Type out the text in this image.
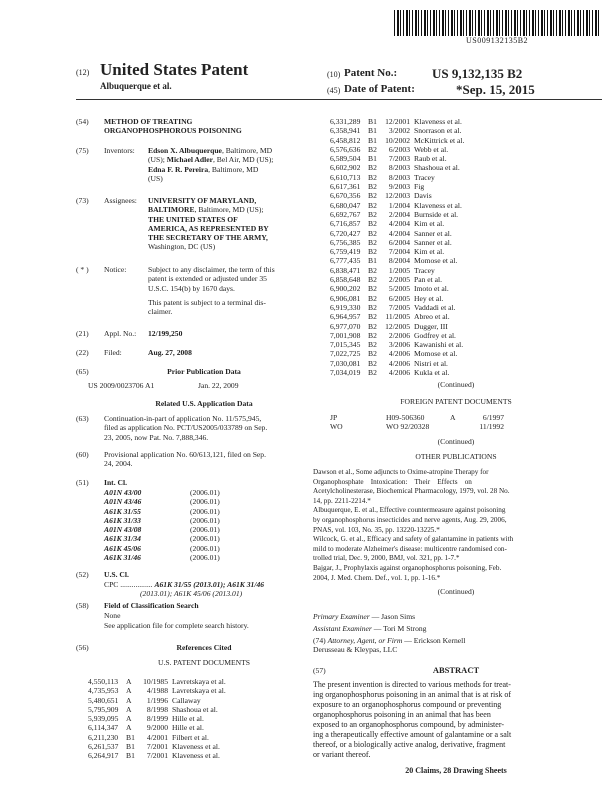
US009132135B2
(12) United States Patent
Albuquerque et al.
(10) Patent No.:	US 9,132,135 B2
(45) Date of Patent:	*Sep. 15, 2015
(54)	METHOD OF TREATING
ORGANOPHOSPHOROUS POISONING
(75)	Inventors: Edson X. Albuquerque, Baltimore, MD
(US); Michael Adler, Bel Air, MD (US);
Edna F. R. Pereira, Baltimore, MD
(US)
(73)	Assignees: UNIVERSITY OF MARYLAND,
BALTIMORE, Baltimore, MD (US);
THE UNITED STATES OF
AMERICA, AS REPRESENTED BY
THE SECRETARY OF THE ARMY,
Washington, DC (US)
( * )	Notice:	Subject to any disclaimer, the term of this
patent is extended or adjusted under 35
U.S.C. 154(b) by 1670 days.
This patent is subject to a terminal dis-
claimer.
(21)	Appl. No.: 12/199,250
(22)	Filed:	Aug. 27, 2008
(65)	Prior Publication Data
US 2009/0023706 A1	Jan. 22, 2009
Related U.S. Application Data
(63)	Continuation-in-part of application No. 11/575,945,
filed as application No. PCT/US2005/033789 on Sep.
23, 2005, now Pat. No. 7,888,346.
(60)	Provisional application No. 60/613,121, filed on Sep.
24, 2004.
(51)	Int. Cl.
A01N 43/00	(2006.01)
A01N 43/46	(2006.01)
A61K 31/55	(2006.01)
A61K 31/33	(2006.01)
A01N 43/08	(2006.01)
A61K 31/34	(2006.01)
A61K 45/06	(2006.01)
A61K 31/46	(2006.01)
(52)	U.S. Cl.
CPC ................. A61K 31/55 (2013.01); A61K 31/46
(2013.01); A61K 45/06 (2013.01)
(58)	Field of Classification Search
None
See application file for complete search history.
(56)	References Cited
U.S. PATENT DOCUMENTS
4,550,113	A	10/1985 Lavretskaya et al.
4,735,953	A	4/1988 Lavretskaya et al.
5,480,651	A	1/1996 Callaway
5,795,909	A	8/1998 Shashoua et al.
5,939,095	A	8/1999 Hille et al.
6,114,347	A	9/2000 Hille et al.
6,211,230	B1	4/2001 Filbert et al.
6,261,537	B1	7/2001 Klaveness et al.
6,264,917	B1	7/2001 Klaveness et al.
6,331,289	B1	12/2001 Klaveness et al.
6,358,941	B1	3/2002 Snorrason et al.
6,458,812	B1	10/2002 McKittrick et al.
6,576,636	B2	6/2003 Webb et al.
6,589,504	B1	7/2003 Raub et al.
6,602,902	B2	8/2003 Shashoua et al.
6,610,713	B2	8/2003 Tracey
6,617,361	B2	9/2003 Fig
6,670,356	B2	12/2003 Davis
6,680,047	B2	1/2004 Klaveness et al.
6,692,767	B2	2/2004 Burnside et al.
6,716,857	B2	4/2004 Kim et al.
6,720,427	B2	4/2004 Sanner et al.
6,756,385	B2	6/2004 Sanner et al.
6,759,419	B2	7/2004 Kim et al.
6,777,435	B1	8/2004 Momose et al.
6,838,471	B2	1/2005 Tracey
6,858,648	B2	2/2005 Pan et al.
6,900,202	B2	5/2005 Imoto et al.
6,906,081	B2	6/2005 Hey et al.
6,919,330	B2	7/2005 Vaddadi et al.
6,964,957	B2	11/2005 Abreo et al.
6,977,070	B2	12/2005 Dugger, III
7,001,908	B2	2/2006 Godfrey et al.
7,015,345	B2	3/2006 Kawanishi et al.
7,022,725	B2	4/2006 Momose et al.
7,030,081	B2	4/2006 Nistri et al.
7,034,019	B2	4/2006 Kukla et al.
(Continued)
FOREIGN PATENT DOCUMENTS
JP	H09-506360	A	6/1997
WO	WO 92/20328	11/1992
(Continued)
OTHER PUBLICATIONS
Dawson et al., Some adjuncts to Oxime-atropine Therapy for
Organophosphate    Intoxication:    Their    Effects    on
Acetylcholinesterase, Biochemical Pharmacology, 1979, vol. 28 No.
14, pp. 2211-2214.*
Albuquerque, E. et al., Effective countermeasure against poisoning
by organophosphorus insecticides and nerve agents, Aug. 29, 2006,
PNAS, vol. 103, No. 35, pp. 13220-13225.*
Wilcock, G. et al., Efficacy and safety of galantamine in patients with
mild to moderate Alzheimer's disease: multicentre randomised con-
trolled trial, Dec. 9, 2000, BMJ, vol. 321, pp. 1-7.*
Bajgar, J., Prophylaxis against organophosphorus poisoning, Feb.
2004, J. Med. Chem. Def., vol. 1, pp. 1-16.*
(Continued)
Primary Examiner — Jason Sims
Assistant Examiner — Tori M Strong
(74) Attorney, Agent, or Firm — Erickson Kernell
Derusseau & Kleypas, LLC
(57)	ABSTRACT
The present invention is directed to various methods for treat-
ing organophosphorus poisoning in an animal that is at risk of
exposure to an organophosphorus compound or preventing
organophosphorus poisoning in an animal that has been
exposed to an organophosphorus compound, by administer-
ing a therapeutically effective amount of galantamine or a salt
thereof, or a biologically active analog, derivative, fragment
or variant thereof.
20 Claims, 28 Drawing Sheets
